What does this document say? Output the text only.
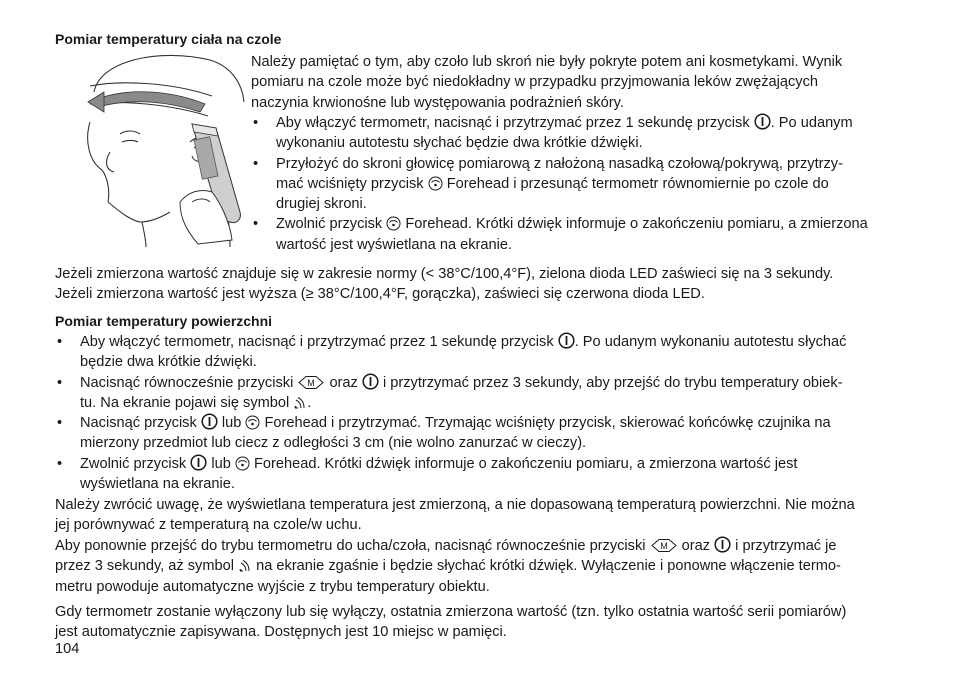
Pomiar temperatury ciała na czole
Należy pamiętać o tym, aby czoło lub skroń nie były pokryte potem ani kosmetykami. Wynik
pomiaru na czole może być niedokładny w przypadku przyjmowania leków zwężających
naczynia krwionośne lub występowania podrażnień skóry.
• Aby włączyć termometr, nacisnąć i przytrzymać przez 1 sekundę przycisk . Po udanym
wykonaniu autotestu słychać będzie dwa krótkie dźwięki.
• Przyłożyć do skroni głowicę pomiarową z nałożoną nasadką czołową/pokrywą, przytrzy-
mać wciśnięty przycisk Forehead i przesunąć termometr równomiernie po czole do
drugiej skroni.
• Zwolnić przycisk Forehead. Krótki dźwięk informuje o zakończeniu pomiaru, a zmierzona
wartość jest wyświetlana na ekranie.
Jeżeli zmierzona wartość znajduje się w zakresie normy (< 38°C/100,4°F), zielona dioda LED zaświeci się na 3 sekundy.
Jeżeli zmierzona wartość jest wyższa (≥ 38°C/100,4°F, gorączka), zaświeci się czerwona dioda LED.
Pomiar temperatury powierzchni
• Aby włączyć termometr, nacisnąć i przytrzymać przez 1 sekundę przycisk . Po udanym wykonaniu autotestu słychać
będzie dwa krótkie dźwięki.
• Nacisnąć równocześnie przyciski M oraz i przytrzymać przez 3 sekundy, aby przejść do trybu temperatury obiek-
tu. Na ekranie pojawi się symbol .
• Nacisnąć przycisk lub Forehead i przytrzymać. Trzymając wciśnięty przycisk, skierować końcówkę czujnika na
mierzony przedmiot lub ciecz z odległości 3 cm (nie wolno zanurzać w cieczy).
• Zwolnić przycisk lub Forehead. Krótki dźwięk informuje o zakończeniu pomiaru, a zmierzona wartość jest
wyświetlana na ekranie.
Należy zwrócić uwagę, że wyświetlana temperatura jest zmierzoną, a nie dopasowaną temperaturą powierzchni. Nie można
jej porównywać z temperaturą na czole/w uchu.
Aby ponownie przejść do trybu termometru do ucha/czoła, nacisnąć równocześnie przyciski M oraz i przytrzymać je
przez 3 sekundy, aż symbol na ekranie zgaśnie i będzie słychać krótki dźwięk. Wyłączenie i ponowne włączenie termo-
metru powoduje automatyczne wyjście z trybu temperatury obiektu.
Gdy termometr zostanie wyłączony lub się wyłączy, ostatnia zmierzona wartość (tzn. tylko ostatnia wartość serii pomiarów)
jest automatycznie zapisywana. Dostępnych jest 10 miejsc w pamięci.
104
